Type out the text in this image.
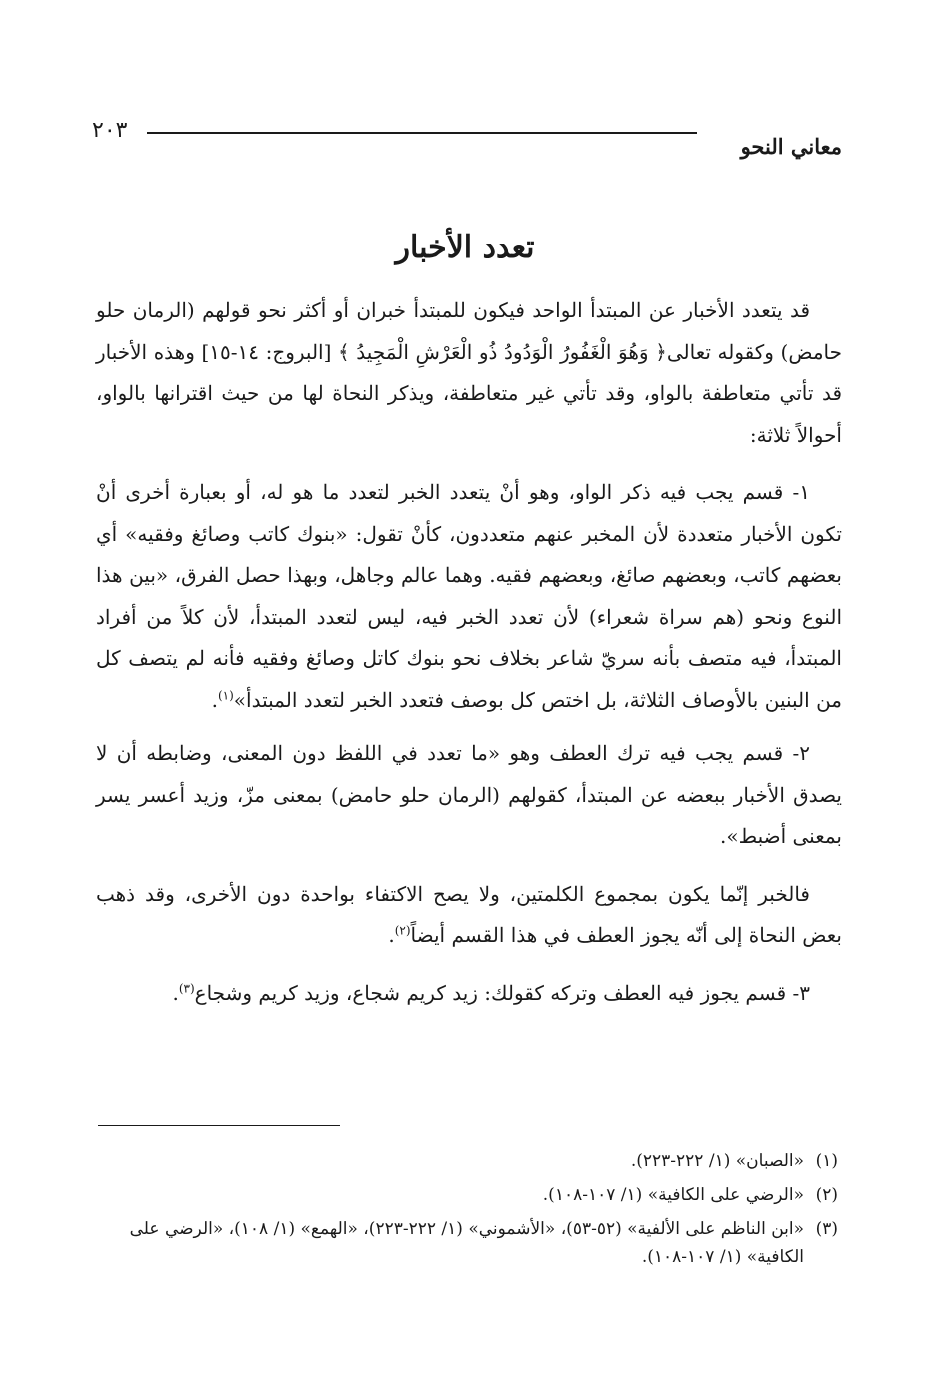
معاني النحو
٢٠٣
تعدد الأخبار

قد يتعدد الأخبار عن المبتدأ الواحد فيكون للمبتدأ خبران أو أكثر نحو قولهم (الرمان حلو حامض) وكقوله تعالى﴿ وَهُوَ الْغَفُورُ الْوَدُودُ ذُو الْعَرْشِ الْمَجِيدُ ﴾ [البروج: ١٤-١٥] وهذه الأخبار قد تأتي متعاطفة بالواو، وقد تأتي غير متعاطفة، ويذكر النحاة لها من حيث اقترانها بالواو، أحوالاً ثلاثة:

١- قسم يجب فيه ذكر الواو، وهو أنْ يتعدد الخبر لتعدد ما هو له، أو بعبارة أخرى أنْ تكون الأخبار متعددة لأن المخبر عنهم متعددون، كأنْ تقول: «بنوك كاتب وصائغ وفقيه» أي بعضهم كاتب، وبعضهم صائغ، وبعضهم فقيه. وهما عالم وجاهل، وبهذا حصل الفرق، «بين هذا النوع ونحو (هم سراة شعراء) لأن تعدد الخبر فيه، ليس لتعدد المبتدأ، لأن كلاً من أفراد المبتدأ، فيه متصف بأنه سريّ شاعر بخلاف نحو بنوك كاتل وصائغ وفقيه فأنه لم يتصف كل من البنين بالأوصاف الثلاثة، بل اختص كل بوصف فتعدد الخبر لتعدد المبتدأ»$^{(١)}$.

٢- قسم يجب فيه ترك العطف وهو «ما تعدد في اللفظ دون المعنى، وضابطه أن لا يصدق الأخبار ببعضه عن المبتدأ، كقولهم (الرمان حلو حامض) بمعنى مزّ، وزيد أعسر يسر بمعنى أضبط».

فالخبر إنّما يكون بمجموع الكلمتين، ولا يصح الاكتفاء بواحدة دون الأخرى، وقد ذهب بعض النحاة إلى أنّه يجوز العطف في هذا القسم أيضاً$^{(٢)}$.

٣- قسم يجوز فيه العطف وتركه كقولك: زيد كريم شجاع، وزيد كريم وشجاع$^{(٣)}$.

(١)
«الصبان» (١/ ٢٢٢-٢٢٣).
(٢)
«الرضي على الكافية» (١/ ١٠٧-١٠٨).
(٣)
«ابن الناظم على الألفية» (٥٢-٥٣)، «الأشموني» (١/ ٢٢٢-٢٢٣)، «الهمع» (١/ ١٠٨)، «الرضي على الكافية» (١/ ١٠٧-١٠٨).
